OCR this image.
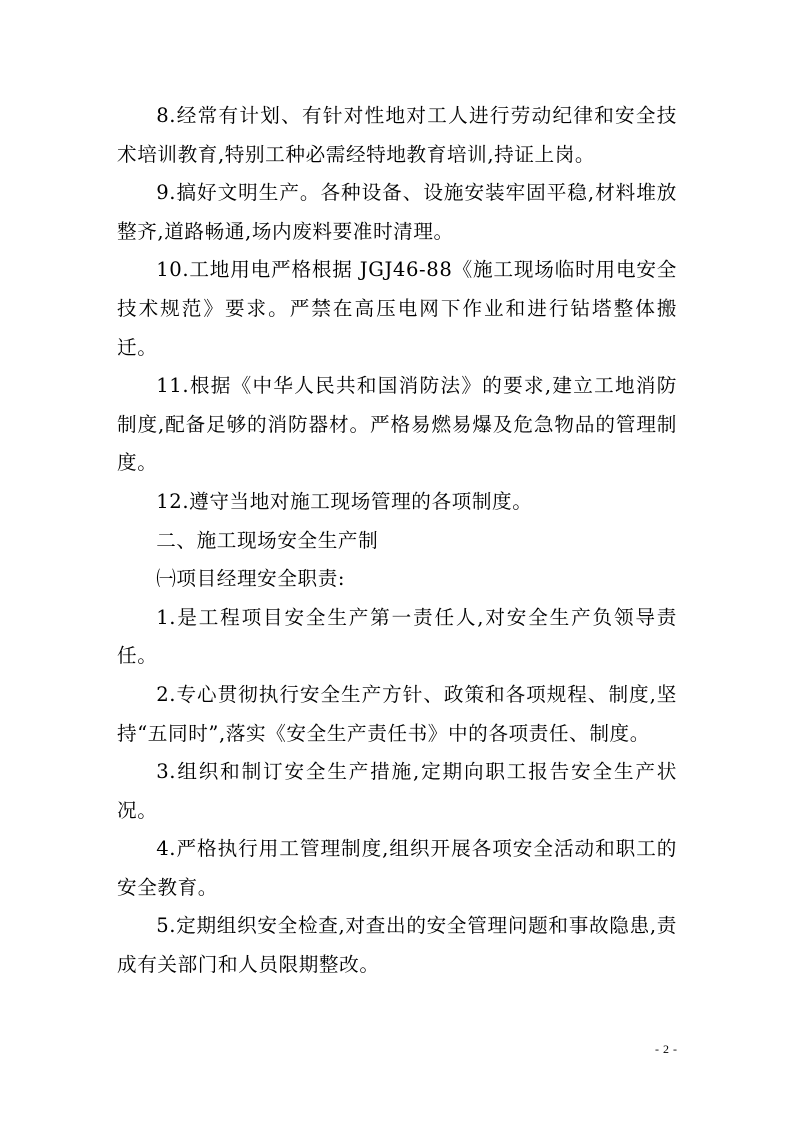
8.经常有计划、有针对性地对工人进行劳动纪律和安全技术培训教育,特别工种必需经特地教育培训,持证上岗。

9.搞好文明生产。各种设备、设施安装牢固平稳,材料堆放整齐,道路畅通,场内废料要准时清理。

10.工地用电严格根据 JGJ46-88《施工现场临时用电安全技术规范》要求。严禁在高压电网下作业和进行钻塔整体搬迁。

11.根据《中华人民共和国消防法》的要求,建立工地消防制度,配备足够的消防器材。严格易燃易爆及危急物品的管理制度。

12.遵守当地对施工现场管理的各项制度。

二、施工现场安全生产制

㈠项目经理安全职责:

1.是工程项目安全生产第一责任人,对安全生产负领导责任。

2.专心贯彻执行安全生产方针、政策和各项规程、制度,坚持“五同时”,落实《安全生产责任书》中的各项责任、制度。

3.组织和制订安全生产措施,定期向职工报告安全生产状况。

4.严格执行用工管理制度,组织开展各项安全活动和职工的安全教育。

5.定期组织安全检查,对查出的安全管理问题和事故隐患,责成有关部门和人员限期整改。

- 2 -
